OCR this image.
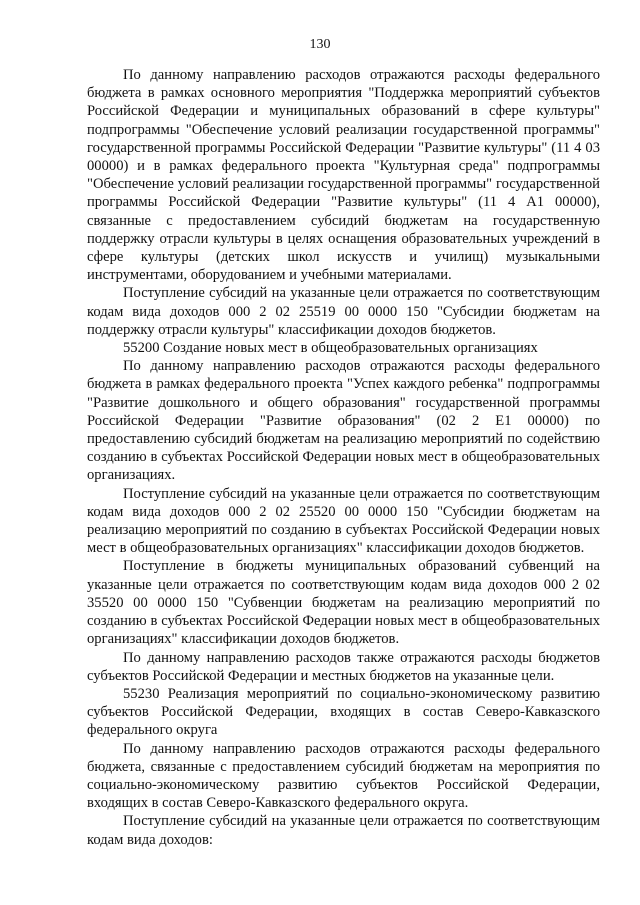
130

По данному направлению расходов отражаются расходы федерального бюджета в рамках основного мероприятия "Поддержка мероприятий субъектов Российской Федерации и муниципальных образований в сфере культуры" подпрограммы "Обеспечение условий реализации государственной программы" государственной программы Российской Федерации "Развитие культуры" (11 4 03 00000) и в рамках федерального проекта "Культурная среда" подпрограммы "Обеспечение условий реализации государственной программы" государственной программы Российской Федерации "Развитие культуры" (11 4 А1 00000), связанные с предоставлением субсидий бюджетам на государственную поддержку отрасли культуры в целях оснащения образовательных учреждений в сфере культуры (детских школ искусств и училищ) музыкальными инструментами, оборудованием и учебными материалами.

Поступление субсидий на указанные цели отражается по соответствующим кодам вида доходов 000 2 02 25519 00 0000 150 "Субсидии бюджетам на поддержку отрасли культуры" классификации доходов бюджетов.

55200 Создание новых мест в общеобразовательных организациях

По данному направлению расходов отражаются расходы федерального бюджета в рамках федерального проекта "Успех каждого ребенка" подпрограммы "Развитие дошкольного и общего образования" государственной программы Российской Федерации "Развитие образования" (02 2 Е1 00000) по предоставлению субсидий бюджетам на реализацию мероприятий по содействию созданию в субъектах Российской Федерации новых мест в общеобразовательных организациях.

Поступление субсидий на указанные цели отражается по соответствующим кодам вида доходов 000 2 02 25520 00 0000 150 "Субсидии бюджетам на реализацию мероприятий по созданию в субъектах Российской Федерации новых мест в общеобразовательных организациях" классификации доходов бюджетов.

Поступление в бюджеты муниципальных образований субвенций на указанные цели отражается по соответствующим кодам вида доходов 000 2 02 35520 00 0000 150 "Субвенции бюджетам на реализацию мероприятий по созданию в субъектах Российской Федерации новых мест в общеобразовательных организациях" классификации доходов бюджетов.

По данному направлению расходов также отражаются расходы бюджетов субъектов Российской Федерации и местных бюджетов на указанные цели.

55230 Реализация мероприятий по социально-экономическому развитию субъектов Российской Федерации, входящих в состав Северо-Кавказского федерального округа

По данному направлению расходов отражаются расходы федерального бюджета, связанные с предоставлением субсидий бюджетам на мероприятия по социально-экономическому развитию субъектов Российской Федерации, входящих в состав Северо-Кавказского федерального округа.

Поступление субсидий на указанные цели отражается по соответствующим кодам вида доходов:
